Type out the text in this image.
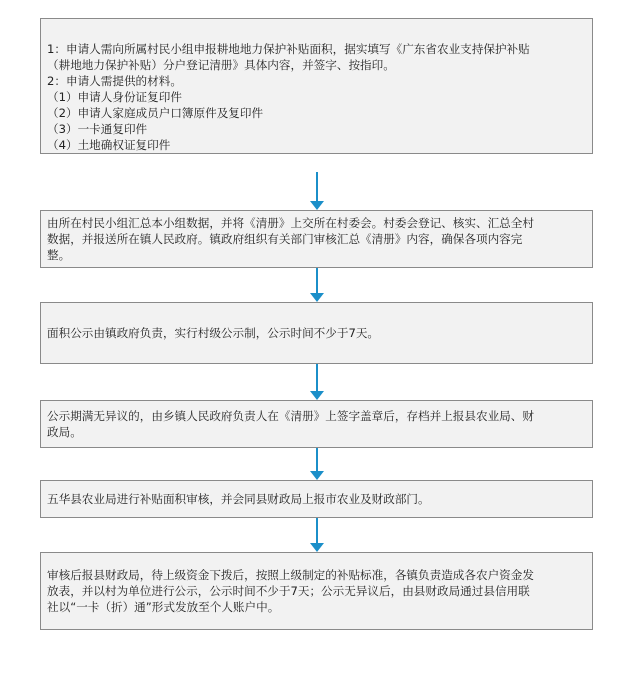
1：申请人需向所属村民小组申报耕地地力保护补贴面积，据实填写《广东省农业支持保护补贴

（耕地地力保护补贴）分户登记清册》具体内容，并签字、按指印。

2：申请人需提供的材料。

（1）申请人身份证复印件

（2）申请人家庭成员户口簿原件及复印件

（3）一卡通复印件

（4）土地确权证复印件

由所在村民小组汇总本小组数据，并将《清册》上交所在村委会。村委会登记、核实、汇总全村

数据，并报送所在镇人民政府。镇政府组织有关部门审核汇总《清册》内容，确保各项内容完

整。

面积公示由镇政府负责，实行村级公示制，公示时间不少于7天。

公示期满无异议的，由乡镇人民政府负责人在《清册》上签字盖章后，存档并上报县农业局、财

政局。

五华县农业局进行补贴面积审核，并会同县财政局上报市农业及财政部门。

审核后报县财政局，待上级资金下拨后，按照上级制定的补贴标准，各镇负责造成各农户资金发

放表，并以村为单位进行公示，公示时间不少于7天；公示无异议后，由县财政局通过县信用联

社以“一卡（折）通”形式发放至个人账户中。
